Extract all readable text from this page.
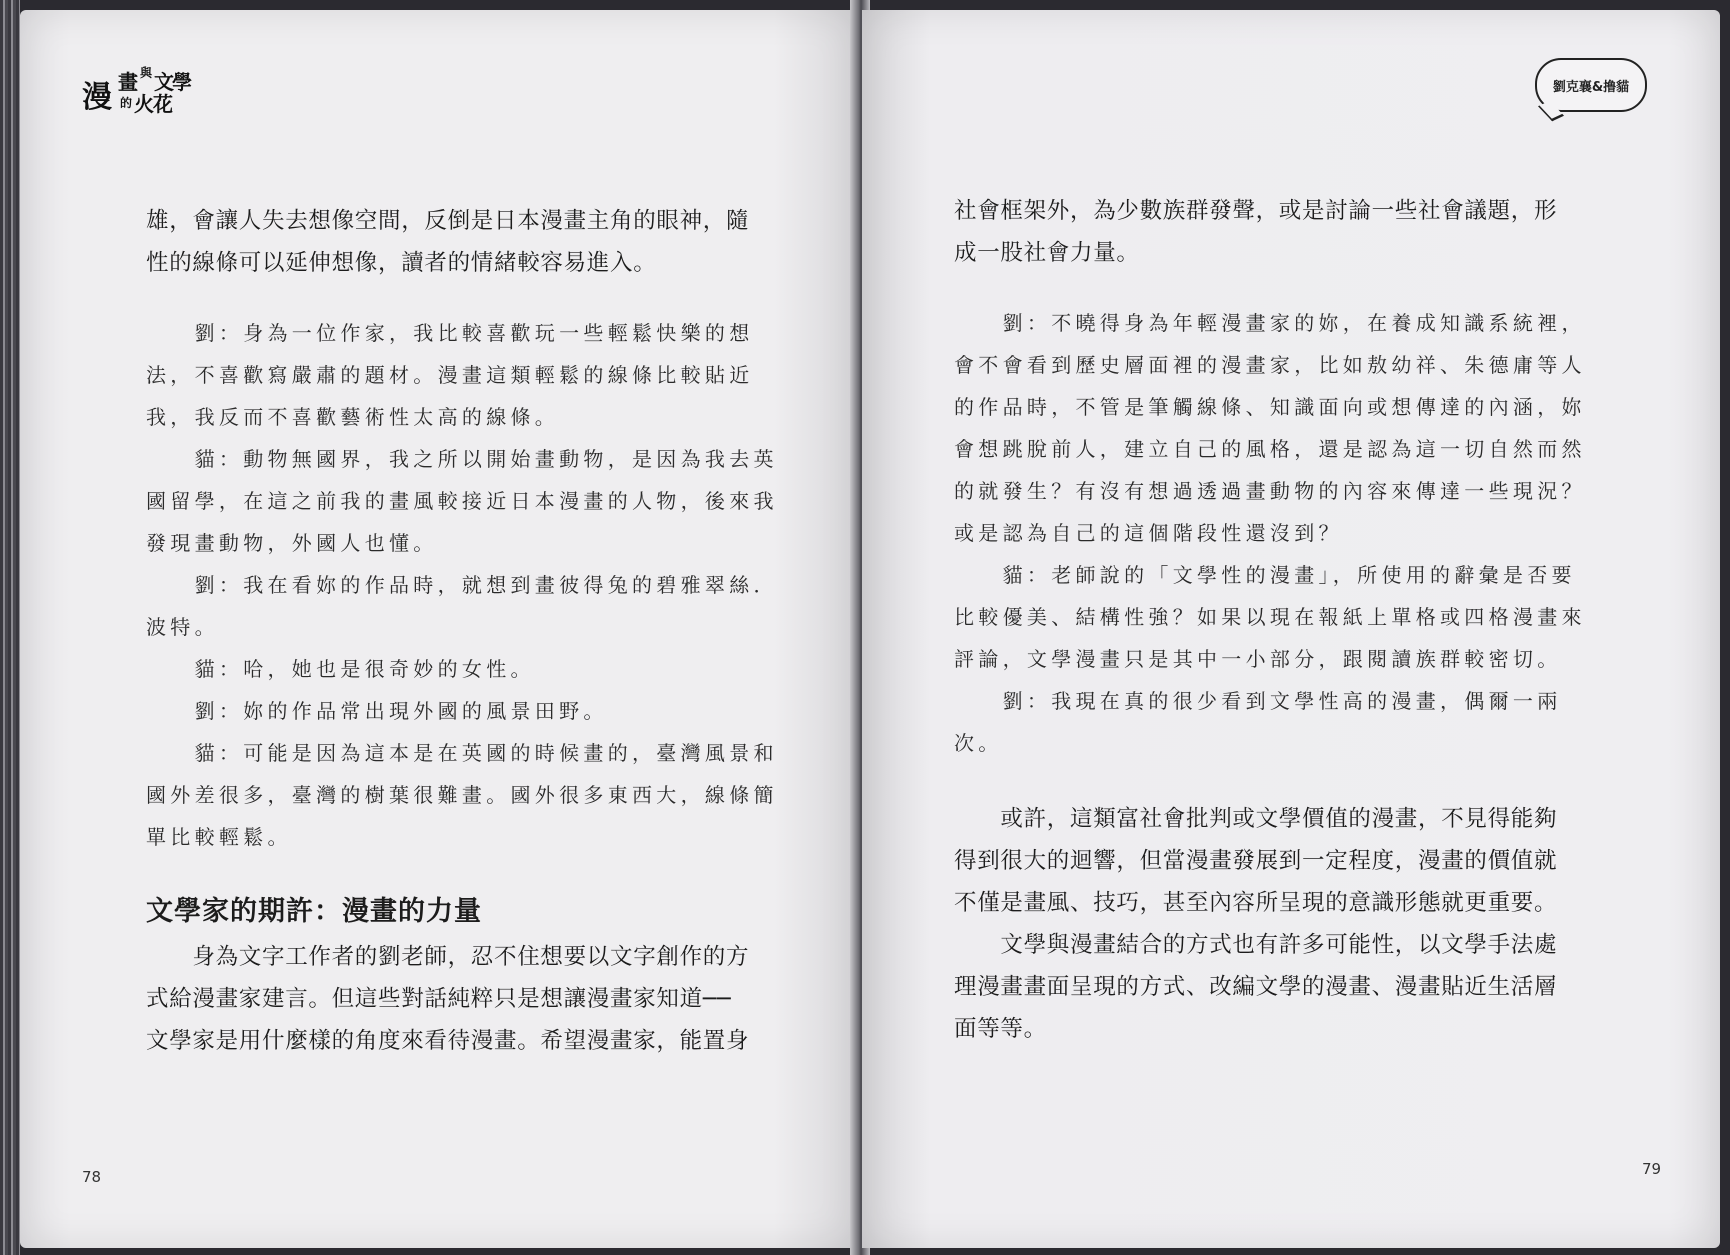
漫 畫 與 文學
的 火花

雄，會讓人失去想像空間，反倒是日本漫畫主角的眼神，隨

性的線條可以延伸想像，讀者的情緒較容易進入。

　　劉：身為一位作家，我比較喜歡玩一些輕鬆快樂的想

法，不喜歡寫嚴肅的題材。漫畫這類輕鬆的線條比較貼近

我，我反而不喜歡藝術性太高的線條。

　　貓：動物無國界，我之所以開始畫動物，是因為我去英

國留學，在這之前我的畫風較接近日本漫畫的人物，後來我

發現畫動物，外國人也懂。

　　劉：我在看妳的作品時，就想到畫彼得兔的碧雅翠絲．

波特。

　　貓：哈，她也是很奇妙的女性。

　　劉：妳的作品常出現外國的風景田野。

　　貓：可能是因為這本是在英國的時候畫的，臺灣風景和

國外差很多，臺灣的樹葉很難畫。國外很多東西大，線條簡

單比較輕鬆。

文學家的期許：漫畫的力量

　　身為文字工作者的劉老師，忍不住想要以文字創作的方

式給漫畫家建言。但這些對話純粹只是想讓漫畫家知道──

文學家是用什麼樣的角度來看待漫畫。希望漫畫家，能置身

78
劉克襄&撸貓

社會框架外，為少數族群發聲，或是討論一些社會議題，形

成一股社會力量。

　　劉：不曉得身為年輕漫畫家的妳，在養成知識系統裡，

會不會看到歷史層面裡的漫畫家，比如敖幼祥、朱德庸等人

的作品時，不管是筆觸線條、知識面向或想傳達的內涵，妳

會想跳脫前人，建立自己的風格，還是認為這一切自然而然

的就發生？有沒有想過透過畫動物的內容來傳達一些現況？

或是認為自己的這個階段性還沒到？

　　貓：老師說的「文學性的漫畫」，所使用的辭彙是否要

比較優美、結構性強？如果以現在報紙上單格或四格漫畫來

評論，文學漫畫只是其中一小部分，跟閱讀族群較密切。

　　劉：我現在真的很少看到文學性高的漫畫，偶爾一兩

次。

　　或許，這類富社會批判或文學價值的漫畫，不見得能夠

得到很大的迴響，但當漫畫發展到一定程度，漫畫的價值就

不僅是畫風、技巧，甚至內容所呈現的意識形態就更重要。

　　文學與漫畫結合的方式也有許多可能性，以文學手法處

理漫畫畫面呈現的方式、改編文學的漫畫、漫畫貼近生活層

面等等。

79
